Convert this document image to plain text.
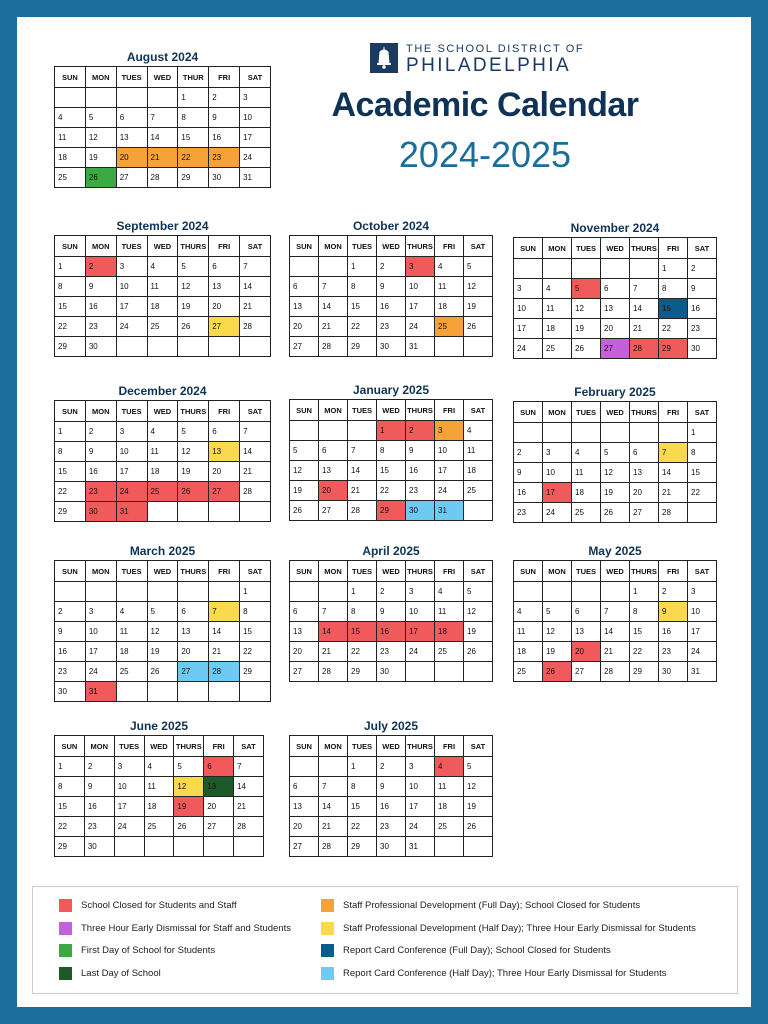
THE SCHOOL DISTRICT OF
PHILADELPHIA
Academic Calendar
2024-2025
August 2024
SUN	MON	TUES	WED	THUR	FRI	SAT
				1	2	3
4	5	6	7	8	9	10
11	12	13	14	15	16	17
18	19	20	21	22	23	24
25	26	27	28	29	30	31
September 2024
SUN	MON	TUES	WED	THURS	FRI	SAT
1	2	3	4	5	6	7
8	9	10	11	12	13	14
15	16	17	18	19	20	21
22	23	24	25	26	27	28
29	30					
October 2024
SUN	MON	TUES	WED	THURS	FRI	SAT
		1	2	3	4	5
6	7	8	9	10	11	12
13	14	15	16	17	18	19
20	21	22	23	24	25	26
27	28	29	30	31		
November 2024
SUN	MON	TUES	WED	THURS	FRI	SAT
					1	2
3	4	5	6	7	8	9
10	11	12	13	14	15	16
17	18	19	20	21	22	23
24	25	26	27	28	29	30
December 2024
SUN	MON	TUES	WED	THURS	FRI	SAT
1	2	3	4	5	6	7
8	9	10	11	12	13	14
15	16	17	18	19	20	21
22	23	24	25	26	27	28
29	30	31				
January 2025
SUN	MON	TUES	WED	THURS	FRI	SAT
			1	2	3	4
5	6	7	8	9	10	11
12	13	14	15	16	17	18
19	20	21	22	23	24	25
26	27	28	29	30	31	
February 2025
SUN	MON	TUES	WED	THURS	FRI	SAT
						1
2	3	4	5	6	7	8
9	10	11	12	13	14	15
16	17	18	19	20	21	22
23	24	25	26	27	28	
March 2025
SUN	MON	TUES	WED	THURS	FRI	SAT
						1
2	3	4	5	6	7	8
9	10	11	12	13	14	15
16	17	18	19	20	21	22
23	24	25	26	27	28	29
30	31					
April 2025
SUN	MON	TUES	WED	THURS	FRI	SAT
		1	2	3	4	5
6	7	8	9	10	11	12
13	14	15	16	17	18	19
20	21	22	23	24	25	26
27	28	29	30			
May 2025
SUN	MON	TUES	WED	THURS	FRI	SAT
				1	2	3
4	5	6	7	8	9	10
11	12	13	14	15	16	17
18	19	20	21	22	23	24
25	26	27	28	29	30	31
June 2025
SUN	MON	TUES	WED	THURS	FRI	SAT
1	2	3	4	5	6	7
8	9	10	11	12	13	14
15	16	17	18	19	20	21
22	23	24	25	26	27	28
29	30					
July 2025
SUN	MON	TUES	WED	THURS	FRI	SAT
		1	2	3	4	5
6	7	8	9	10	11	12
13	14	15	16	17	18	19
20	21	22	23	24	25	26
27	28	29	30	31		
School Closed for Students and Staff
Three Hour Early Dismissal for Staff and Students
First Day of School for Students
Last Day of School
Staff Professional Development (Full Day); School Closed for Students
Staff Professional Development (Half Day); Three Hour Early Dismissal for Students
Report Card Conference (Full Day); School Closed for Students
Report Card Conference (Half Day); Three Hour Early Dismissal for Students
